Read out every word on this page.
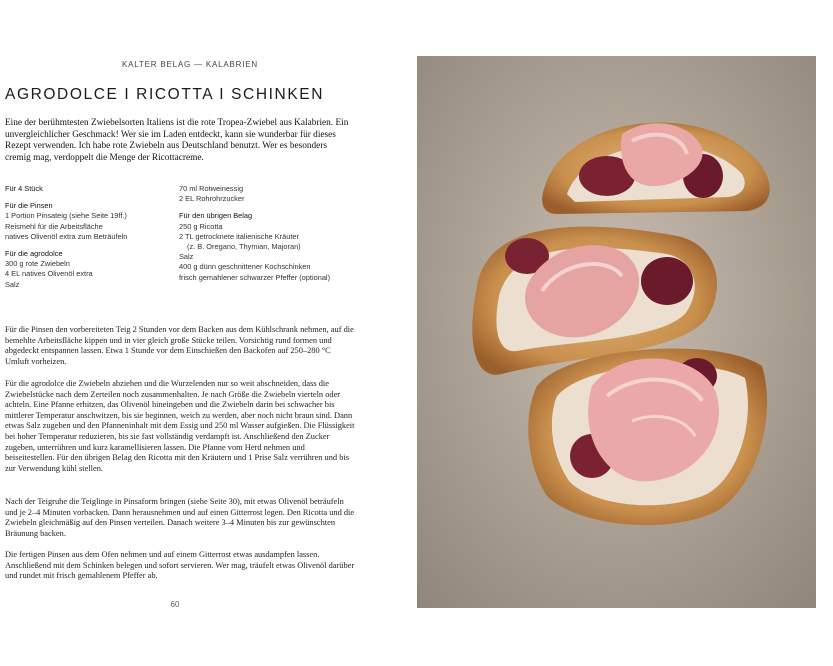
KALTER BELAG — KALABRIEN
AGRODOLCE I RICOTTA I SCHINKEN

Eine der berühmtesten Zwiebelsorten Italiens ist die rote Tropea-Zwiebel aus Kalabrien. Ein unvergleichlicher Geschmack! Wer sie im Laden entdeckt, kann sie wunderbar für dieses Rezept verwenden. Ich habe rote Zwiebeln aus Deutschland benutzt. Wer es besonders cremig mag, verdoppelt die Menge der Ricottacreme.

Für 4 Stück
Für die Pinsen
1 Portion Pinsateig (siehe Seite 19ff.)
Reismehl für die Arbeitsfläche
natives Olivenöl extra zum Beträufeln
Für die agrodolce
300 g rote Zwiebeln
4 EL natives Olivenöl extra
Salz
70 ml Rotweinessig
2 EL Rohrohrzucker
Für den übrigen Belag
250 g Ricotta
2 TL getrocknete italienische Kräuter
(z. B. Oregano, Thymian, Majoran)
Salz
400 g dünn geschnittener Kochschinken
frisch gemahlener schwarzer Pfeffer (optional)

Für die Pinsen den vorbereiteten Teig 2 Stunden vor dem Backen aus dem Kühlschrank nehmen, auf die bemehlte Arbeitsfläche kippen und in vier gleich große Stücke teilen. Vorsichtig rund formen und abgedeckt entspannen lassen. Etwa 1 Stunde vor dem Einschießen den Backofen auf 250–280 °C Umluft vorheizen.

Für die agrodolce die Zwiebeln abziehen und die Wurzelenden nur so weit abschneiden, dass die Zwiebelstücke nach dem Zerteilen noch zusammenhalten. Je nach Größe die Zwiebeln vierteln oder achteln. Eine Pfanne erhitzen, das Olivenöl hineingeben und die Zwiebeln darin bei schwacher bis mittlerer Temperatur anschwitzen, bis sie beginnen, weich zu werden, aber noch nicht braun sind. Dann etwas Salz zugeben und den Pfanneninhalt mit dem Essig und 250 ml Wasser aufgießen. Die Flüssigkeit bei hoher Temperatur reduzieren, bis sie fast vollständig verdampft ist. Anschließend den Zucker zugeben, unterrühren und kurz karamellisieren lassen. Die Pfanne vom Herd nehmen und beiseitestellen. Für den übrigen Belag den Ricotta mit den Kräutern und 1 Prise Salz verrühren und bis zur Verwendung kühl stellen.

Nach der Teigruhe die Teiglinge in Pinsaform bringen (siehe Seite 30), mit etwas Olivenöl beträufeln und je 2–4 Minuten vorbacken. Dann herausnehmen und auf einen Gitterrost legen. Den Ricotta und die Zwiebeln gleichmäßig auf den Pinsen verteilen. Danach weitere 3–4 Minuten bis zur gewünschten Bräunung backen.

Die fertigen Pinsen aus dem Ofen nehmen und auf einem Gitterrost etwas ausdampfen lassen. Anschließend mit dem Schinken belegen und sofort servieren. Wer mag, träufelt etwas Olivenöl darüber und rundet mit frisch gemahlenem Pfeffer ab.

60
